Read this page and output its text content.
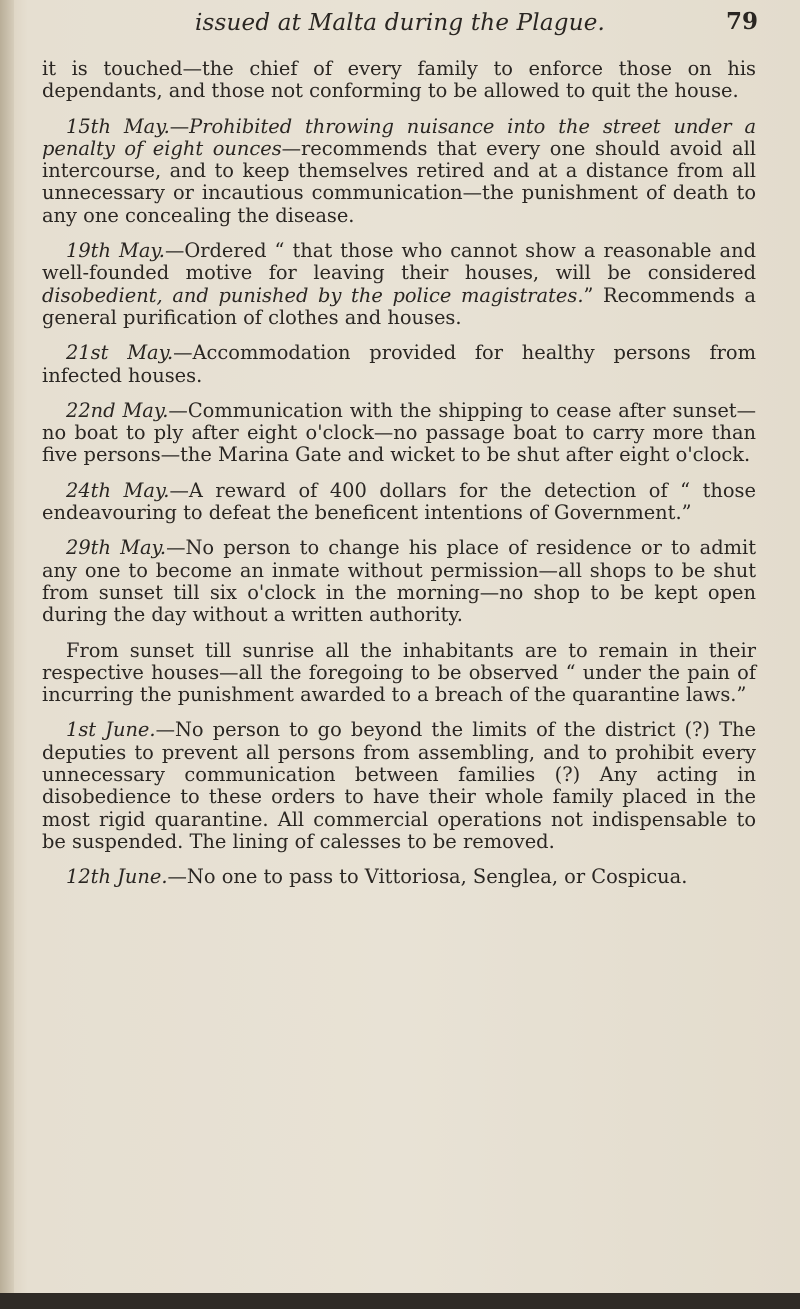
issued at Malta during the Plague.	79

it is touched—the chief of every family to enforce those on his dependants, and those not conforming to be allowed to quit the house.

15th May.—Prohibited throwing nuisance into the street under a penalty of eight ounces—recommends that every one should avoid all intercourse, and to keep themselves retired and at a distance from all unnecessary or incautious communication—the punishment of death to any one concealing the disease.

19th May.—Ordered “ that those who cannot show a reasonable and well-founded motive for leaving their houses, will be considered disobedient, and punished by the police magistrates.” Recommends a general purification of clothes and houses.

21st May.—Accommodation provided for healthy persons from infected houses.

22nd May.—Communication with the shipping to cease after sunset—no boat to ply after eight o'clock—no passage boat to carry more than five persons—the Marina Gate and wicket to be shut after eight o'clock.

24th May.—A reward of 400 dollars for the detection of “ those endeavouring to defeat the beneficent intentions of Government.”

29th May.—No person to change his place of residence or to admit any one to become an inmate without permission—all shops to be shut from sunset till six o'clock in the morning—no shop to be kept open during the day without a written authority.

From sunset till sunrise all the inhabitants are to remain in their respective houses—all the foregoing to be observed “ under the pain of incurring the punishment awarded to a breach of the quarantine laws.”

1st June.—No person to go beyond the limits of the district (?) The deputies to prevent all persons from assembling, and to prohibit every unnecessary communication between families (?) Any acting in disobedience to these orders to have their whole family placed in the most rigid quarantine. All commercial operations not indispensable to be suspended. The lining of calesses to be removed.

12th June.—No one to pass to Vittoriosa, Senglea, or Cospicua.
